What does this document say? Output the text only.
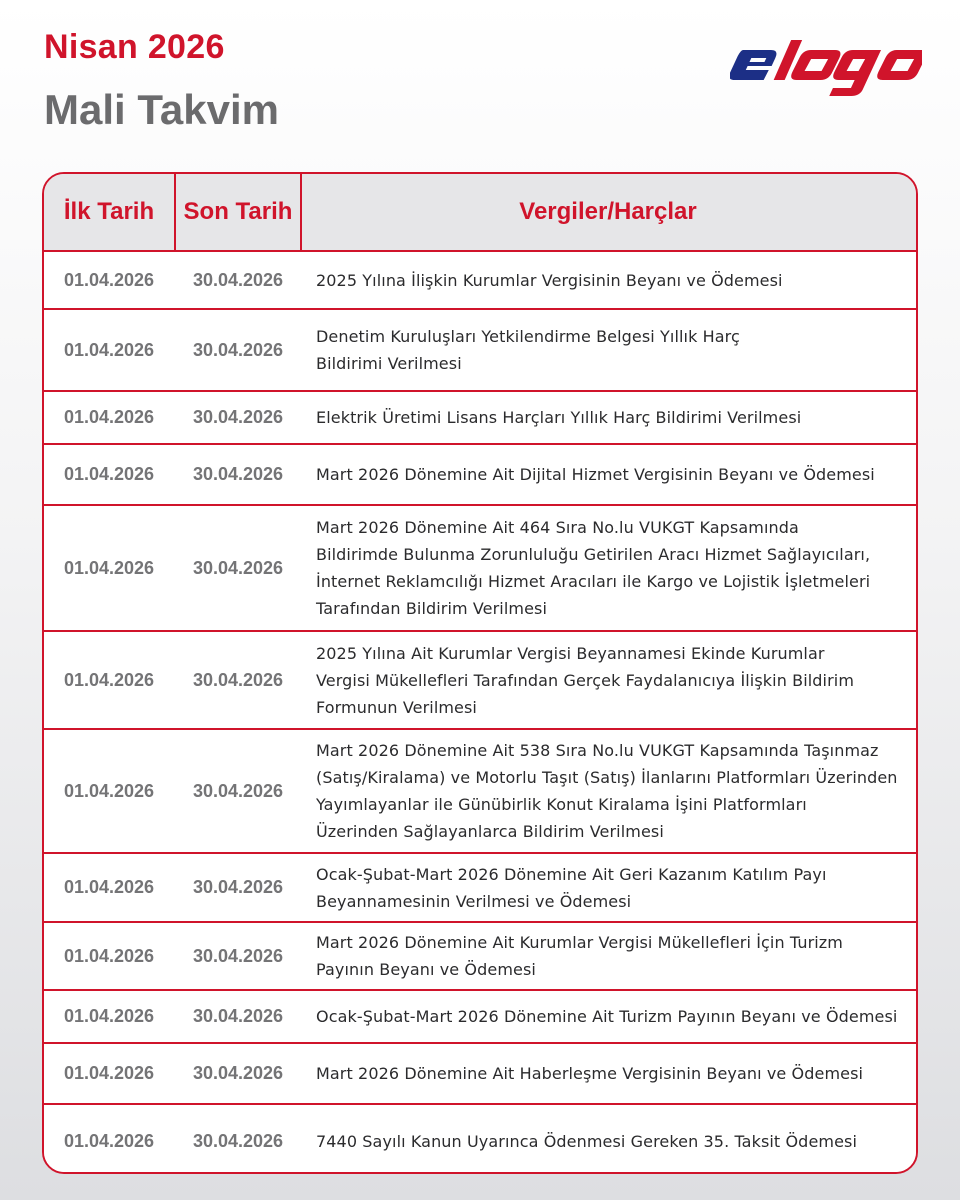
Nisan 2026
Mali Takvim
İlk Tarih	Son Tarih	Vergiler/Harçlar
01.04.2026	30.04.2026	2025 Yılına İlişkin Kurumlar Vergisinin Beyanı ve Ödemesi
01.04.2026	30.04.2026
Denetim Kuruluşları Yetkilendirme Belgesi Yıllık Harç
Bildirimi Verilmesi
01.04.2026	30.04.2026	Elektrik Üretimi Lisans Harçları Yıllık Harç Bildirimi Verilmesi
01.04.2026	30.04.2026	Mart 2026 Dönemine Ait Dijital Hizmet Vergisinin Beyanı ve Ödemesi
01.04.2026	30.04.2026
Mart 2026 Dönemine Ait 464 Sıra No.lu VUKGT Kapsamında
Bildirimde Bulunma Zorunluluğu Getirilen Aracı Hizmet Sağlayıcıları,
İnternet Reklamcılığı Hizmet Aracıları ile Kargo ve Lojistik İşletmeleri
Tarafından Bildirim Verilmesi
01.04.2026	30.04.2026
2025 Yılına Ait Kurumlar Vergisi Beyannamesi Ekinde Kurumlar
Vergisi Mükellefleri Tarafından Gerçek Faydalanıcıya İlişkin Bildirim
Formunun Verilmesi
01.04.2026	30.04.2026
Mart 2026 Dönemine Ait 538 Sıra No.lu VUKGT Kapsamında Taşınmaz
(Satış/Kiralama) ve Motorlu Taşıt (Satış) İlanlarını Platformları Üzerinden
Yayımlayanlar ile Günübirlik Konut Kiralama İşini Platformları
Üzerinden Sağlayanlarca Bildirim Verilmesi
01.04.2026	30.04.2026
Ocak-Şubat-Mart 2026 Dönemine Ait Geri Kazanım Katılım Payı
Beyannamesinin Verilmesi ve Ödemesi
01.04.2026	30.04.2026
Mart 2026 Dönemine Ait Kurumlar Vergisi Mükellefleri İçin Turizm
Payının Beyanı ve Ödemesi
01.04.2026	30.04.2026	Ocak-Şubat-Mart 2026 Dönemine Ait Turizm Payının Beyanı ve Ödemesi
01.04.2026	30.04.2026	Mart 2026 Dönemine Ait Haberleşme Vergisinin Beyanı ve Ödemesi
01.04.2026	30.04.2026	7440 Sayılı Kanun Uyarınca Ödenmesi Gereken 35. Taksit Ödemesi
